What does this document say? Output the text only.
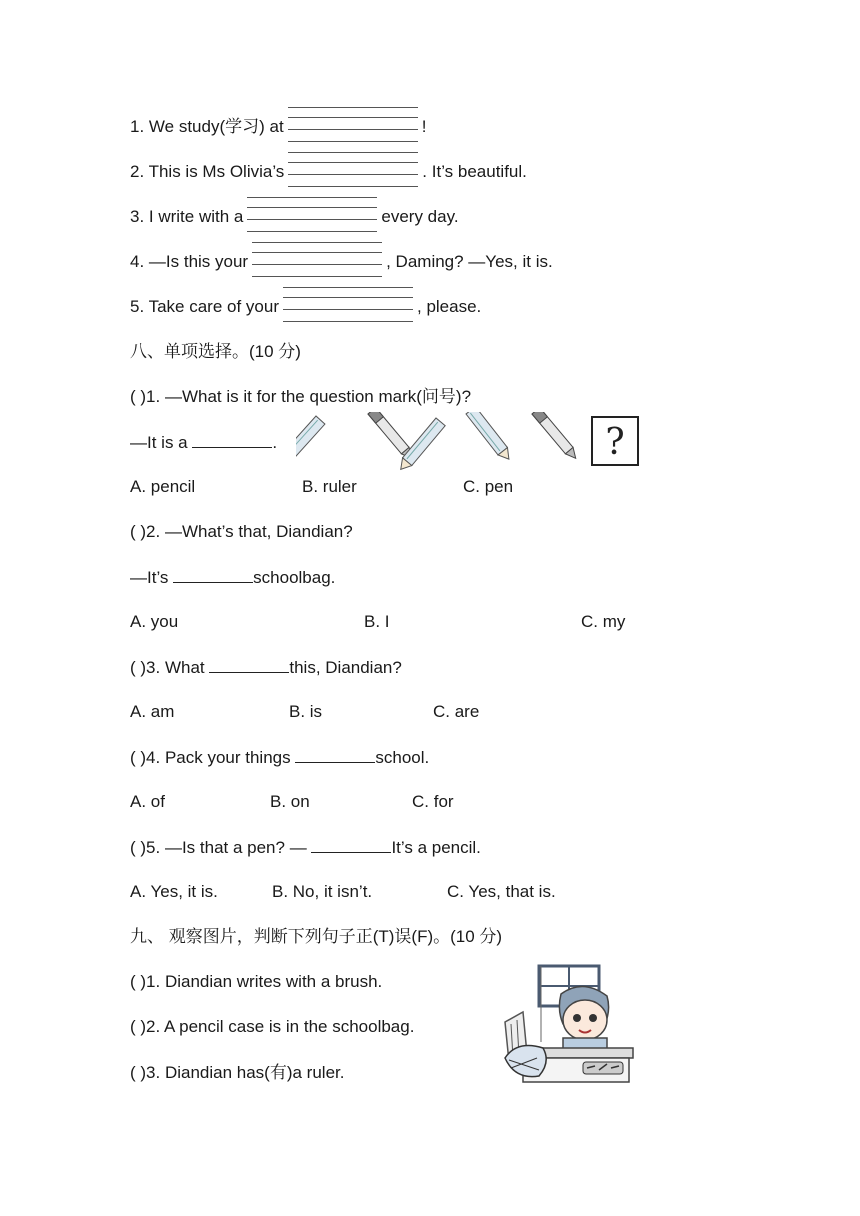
1. We study(学习) at	!
2. This is Ms Olivia’s	. It’s beautiful.
3. I write with a	every day.
4. —Is this your	, Daming? —Yes, it is.
5. Take care of your	, please.
八、单项选择。(10 分)
( )1. —What is it for the question mark(问号)?
—It is a	.	?
A. pencil	B. ruler	C. pen
( )2. —What’s that, Diandian?
—It’s	schoolbag.
A. you	B. I	C. my
( )3. What	this, Diandian?
A. am	B. is	C. are
( )4. Pack your things	school.
A. of	B. on	C. for
( )5. —Is that a pen? —	It’s a pencil.
A. Yes, it is.	B. No, it isn’t.	C. Yes, that is.
九、 观察图片，判断下列句子正(T)误(F)。(10 分)
( )1. Diandian writes with a brush.
( )2. A pencil case is in the schoolbag.
( )3. Diandian has(有)a ruler.
